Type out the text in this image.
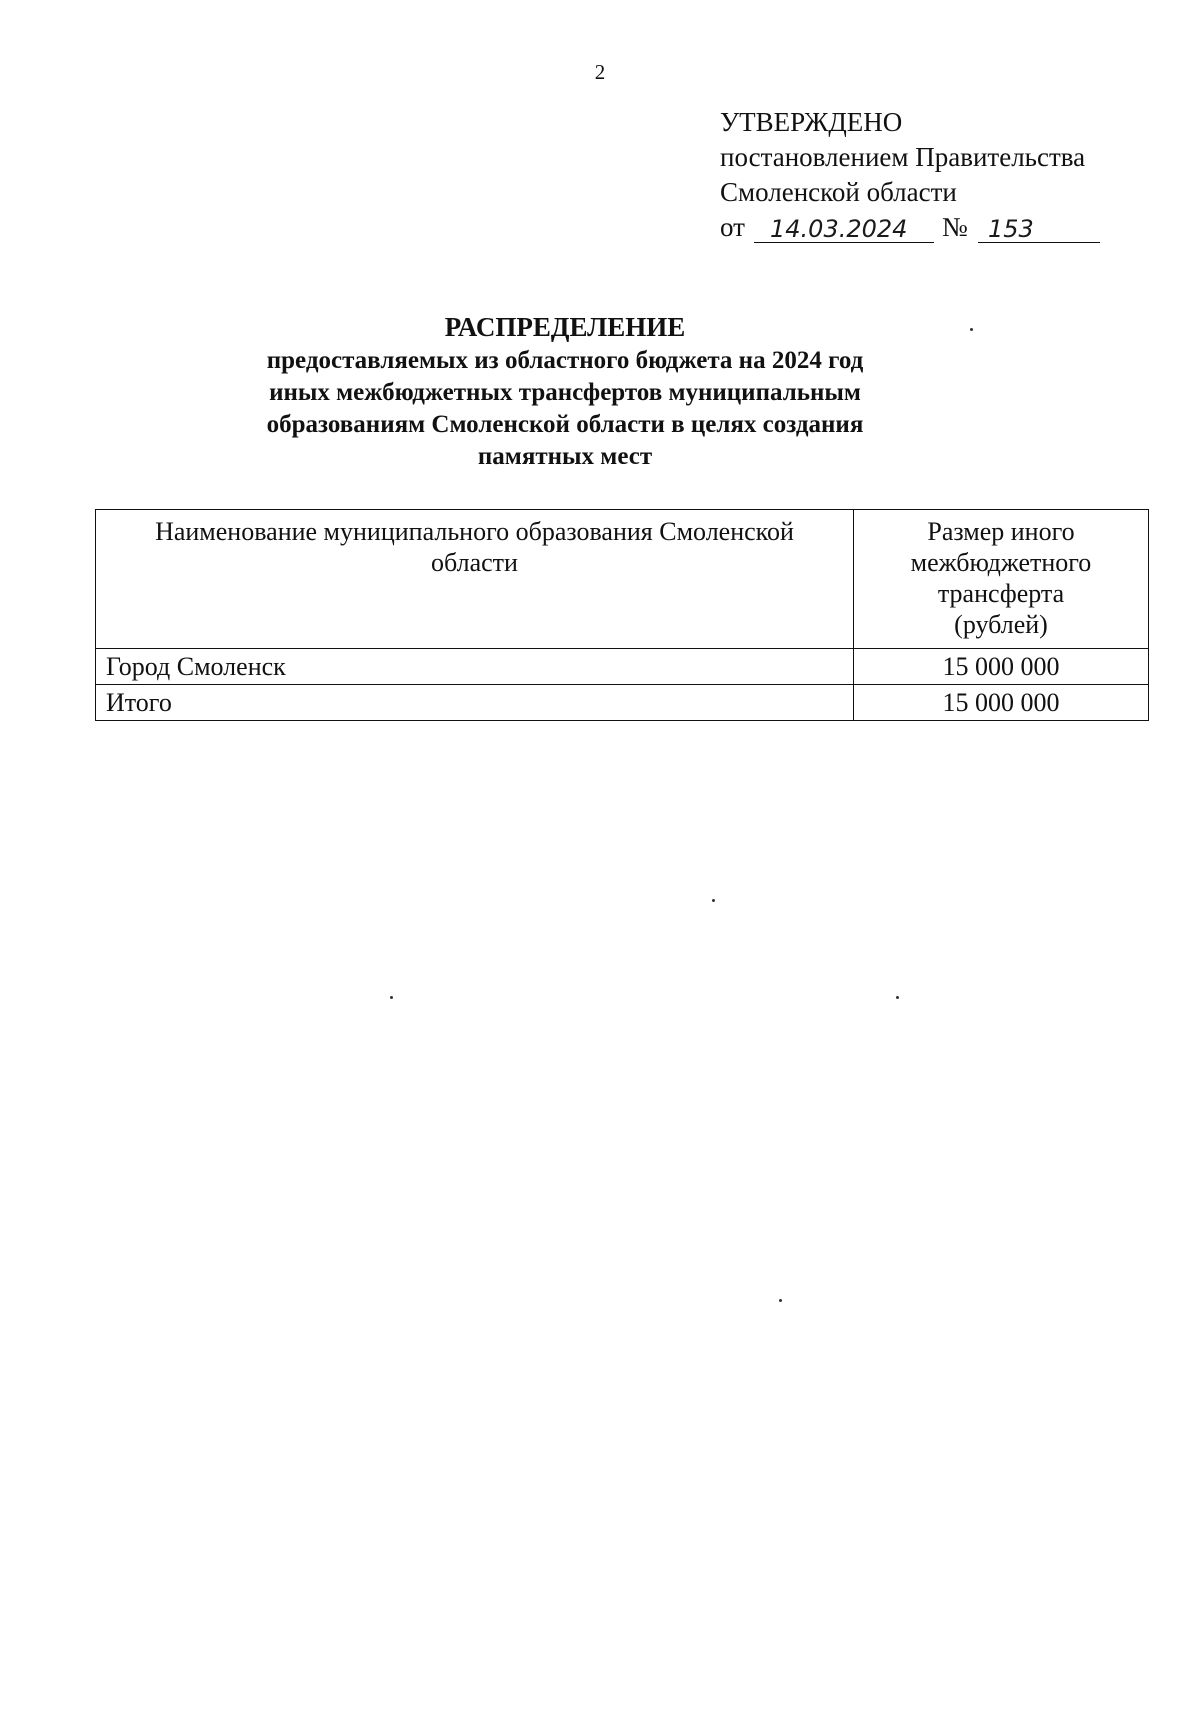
2
УТВЕРЖДЕНО
постановлением Правительства
Смоленской области
от 14.03.2024 № 153
РАСПРЕДЕЛЕНИЕ
предоставляемых из областного бюджета на 2024 год
иных межбюджетных трансфертов муниципальным
образованиям Смоленской области в целях создания
памятных мест
Наименование муниципального образования Смоленской области	Размер иного межбюджетного трансферта (рублей)
Город Смоленск	15 000 000
Итого	15 000 000
